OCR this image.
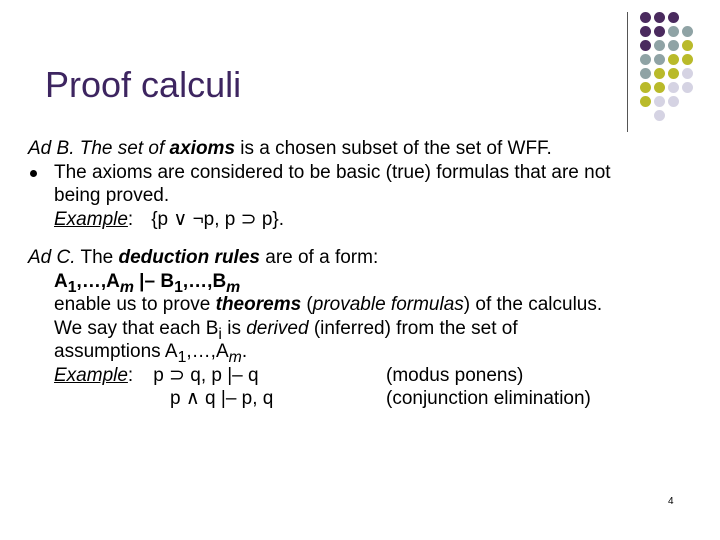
Proof calculi
Ad B. The set of axioms is a chosen subset of the set of WFF.
The axioms are considered to be basic (true) formulas that are not
being proved.
Example: {p ∨ ¬p, p ⊃ p}.
Ad C. The deduction rules are of a form:
$A_1,\dots,A_m$ |– $B_1,\dots,B_m$
enable us to prove theorems (provable formulas) of the calculus.
We say that each $B_i$ is derived (inferred) from the set of
assumptions $A_1,\dots,A_m$.
Example: p ⊃ q, p |– q	(modus ponens)
p ∧ q |– p, q	(conjunction elimination)
4
